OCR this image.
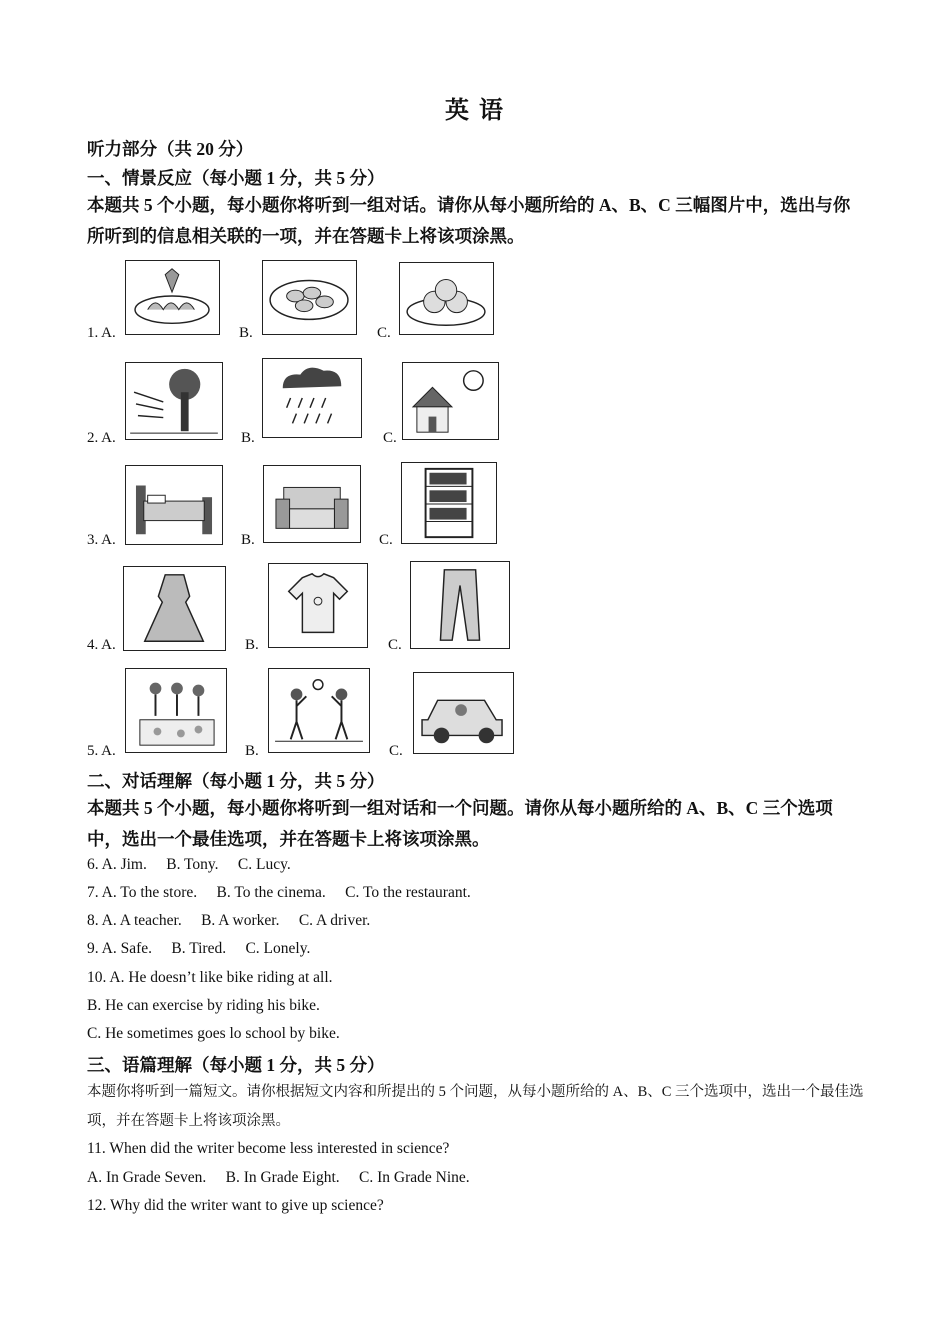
英 语
听力部分（共 20 分）
一、情景反应（每小题 1 分，共 5 分）
本题共 5 个小题，每小题你将听到一组对话。请你从每小题所给的 A、B、C 三幅图片中，选出与你所听到的信息相关联的一项，并在答题卡上将该项涂黑。
1. A.	B.	C.
2. A.	B.	C.
3. A.	B.	C.
4. A.	B.	C.
5. A.	B.	C.
二、对话理解（每小题 1 分，共 5 分）
本题共 5 个小题，每小题你将听到一组对话和一个问题。请你从每小题所给的 A、B、C 三个选项中，选出一个最佳选项，并在答题卡上将该项涂黑。
6. A. Jim.     B. Tony.     C. Lucy.
7. A. To the store.     B. To the cinema.     C. To the restaurant.
8. A. A teacher.     B. A worker.     C. A driver.
9. A. Safe.     B. Tired.     C. Lonely.
10. A. He doesn’t like bike riding at all.
B. He can exercise by riding his bike.
C. He sometimes goes lo school by bike.
三、语篇理解（每小题 1 分，共 5 分）
本题你将听到一篇短文。请你根据短文内容和所提出的 5 个问题，从每小题所给的 A、B、C 三个选项中，选出一个最佳选项，并在答题卡上将该项涂黑。
11. When did the writer become less interested in science?
A. In Grade Seven.     B. In Grade Eight.     C. In Grade Nine.
12. Why did the writer want to give up science?
